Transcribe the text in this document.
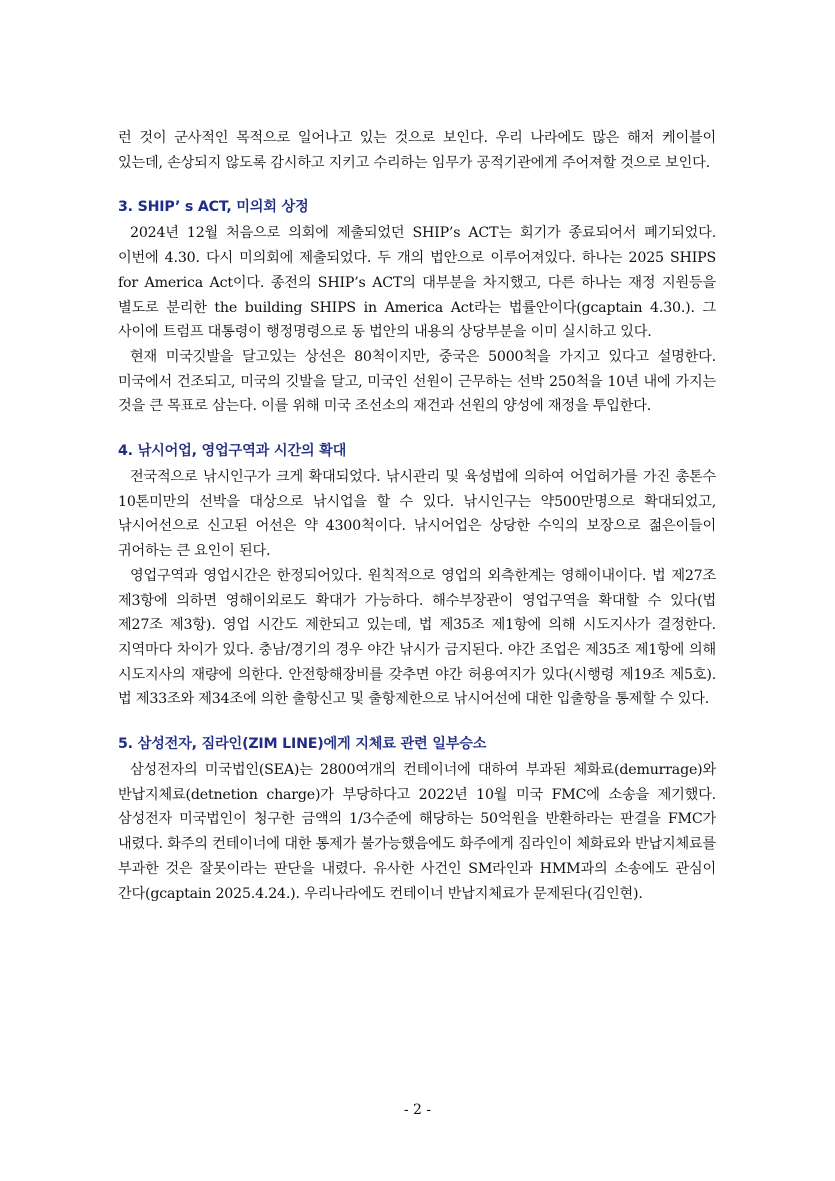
런 것이 군사적인 목적으로 일어나고 있는 것으로 보인다. 우리 나라에도 많은 해저 케이블이 있는데, 손상되지 않도록 감시하고 지키고 수리하는 임무가 공적기관에게 주어져할 것으로 보인다.

3. SHIP’ s ACT, 미의회 상정

2024년 12월 처음으로 의회에 제출되었던 SHIP’s ACT는 회기가 종료되어서 폐기되었다. 이번에 4.30. 다시 미의회에 제출되었다. 두 개의 법안으로 이루어져있다. 하나는 2025 SHIPS for America Act이다. 종전의 SHIP’s ACT의 대부분을 차지했고, 다른 하나는 재정 지원등을 별도로 분리한 the building SHIPS in America Act라는 법률안이다(gcaptain 4.30.). 그 사이에 트럼프 대통령이 행정명령으로 동 법안의 내용의 상당부분을 이미 실시하고 있다.

현재 미국깃발을 달고있는 상선은 80척이지만, 중국은 5000척을 가지고 있다고 설명한다. 미국에서 건조되고, 미국의 깃발을 달고, 미국인 선원이 근무하는 선박 250척을 10년 내에 가지는 것을 큰 목표로 삼는다. 이를 위해 미국 조선소의 재건과 선원의 양성에 재정을 투입한다.

4. 낚시어업, 영업구역과 시간의 확대

전국적으로 낚시인구가 크게 확대되었다. 낚시관리 및 육성법에 의하여 어업허가를 가진 총톤수 10톤미만의 선박을 대상으로 낚시업을 할 수 있다. 낚시인구는 약500만명으로 확대되었고, 낚시어선으로 신고된 어선은 약 4300척이다. 낚시어업은 상당한 수익의 보장으로 젊은이들이 귀어하는 큰 요인이 된다.

영업구역과 영업시간은 한정되어있다. 원칙적으로 영업의 외측한계는 영해이내이다. 법 제27조 제3항에 의하면 영해이외로도 확대가 가능하다. 해수부장관이 영업구역을 확대할 수 있다(법 제27조 제3항). 영업 시간도 제한되고 있는데, 법 제35조 제1항에 의해 시도지사가 결정한다. 지역마다 차이가 있다. 충남/경기의 경우 야간 낚시가 금지된다. 야간 조업은 제35조 제1항에 의해 시도지사의 재량에 의한다. 안전항해장비를 갖추면 야간 허용여지가 있다(시행령 제19조 제5호). 법 제33조와 제34조에 의한 출항신고 및 출항제한으로 낚시어선에 대한 입출항을 통제할 수 있다.

5. 삼성전자, 짐라인(ZIM LINE)에게 지체료 관련 일부승소

삼성전자의 미국법인(SEA)는 2800여개의 컨테이너에 대하여 부과된 체화료(demurrage)와 반납지체료(detnetion charge)가 부당하다고 2022년 10월 미국 FMC에 소송을 제기했다. 삼성전자 미국법인이 청구한 금액의 1/3수준에 해당하는 50억원을 반환하라는 판결을 FMC가 내렸다. 화주의 컨테이너에 대한 통제가 불가능했음에도 화주에게 짐라인이 체화료와 반납지체료를 부과한 것은 잘못이라는 판단을 내렸다. 유사한 사건인 SM라인과 HMM과의 소송에도 관심이 간다(gcaptain 2025.4.24.). 우리나라에도 컨테이너 반납지체료가 문제된다(김인현).

- 2 -
